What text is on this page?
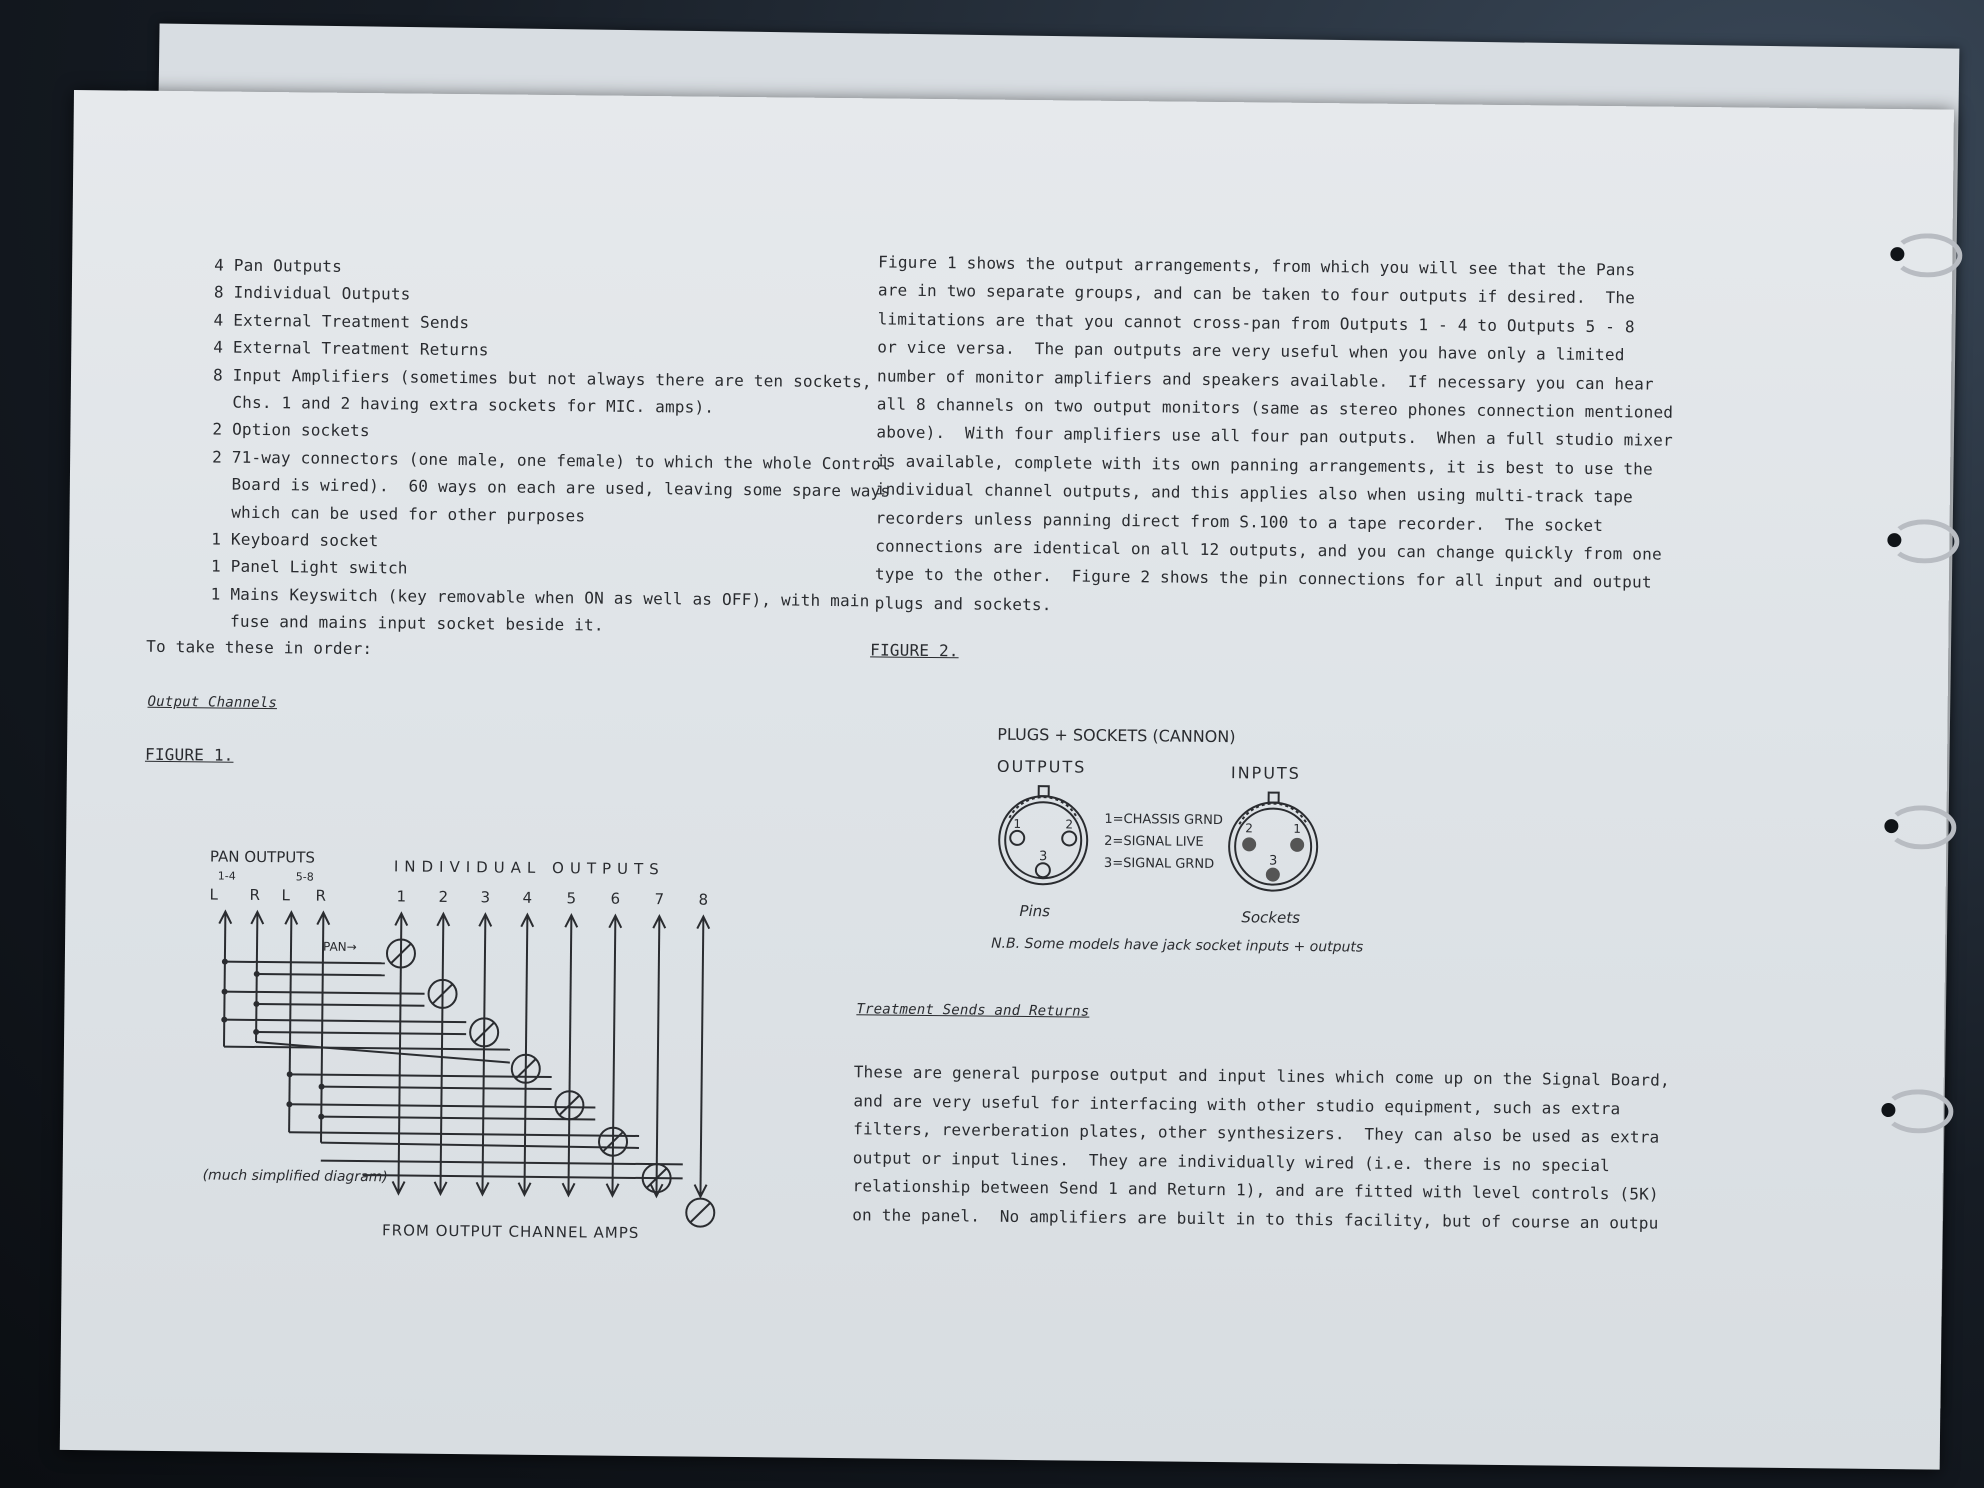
4 Pan Outputs
8 Individual Outputs
4 External Treatment Sends
4 External Treatment Returns
8 Input Amplifiers (sometimes but not always there are ten sockets,
Chs. 1 and 2 having extra sockets for MIC. amps).
2 Option sockets
2 71-way connectors (one male, one female) to which the whole Control
Board is wired).  60 ways on each are used, leaving some spare ways
which can be used for other purposes
1 Keyboard socket
1 Panel Light switch
1 Mains Keyswitch (key removable when ON as well as OFF), with main
fuse and mains input socket beside it.
To take these in order:
Output Channels
FIGURE 1.
PAN OUTPUTS
1-4	5-8
L R L R
INDIVIDUAL OUTPUTS
1 2 3 4 5 6 7 8
PAN→
(much simplified diagram)
FROM OUTPUT CHANNEL AMPS
Figure 1 shows the output arrangements, from which you will see that the Pans
are in two separate groups, and can be taken to four outputs if desired.  The
limitations are that you cannot cross-pan from Outputs 1 - 4 to Outputs 5 - 8
or vice versa.  The pan outputs are very useful when you have only a limited
number of monitor amplifiers and speakers available.  If necessary you can hear
all 8 channels on two output monitors (same as stereo phones connection mentioned
above).  With four amplifiers use all four pan outputs.  When a full studio mixer
is available, complete with its own panning arrangements, it is best to use the
individual channel outputs, and this applies also when using multi-track tape
recorders unless panning direct from S.100 to a tape recorder.  The socket
connections are identical on all 12 outputs, and you can change quickly from one
type to the other.  Figure 2 shows the pin connections for all input and output
plugs and sockets.
FIGURE 2.
PLUGS + SOCKETS (CANNON)
OUTPUTS	INPUTS
1	2
3
2	1
3
1=CHASSIS GRND
2=SIGNAL LIVE
3=SIGNAL GRND
Pins	Sockets
N.B. Some models have jack socket inputs + outputs
Treatment Sends and Returns
These are general purpose output and input lines which come up on the Signal Board,
and are very useful for interfacing with other studio equipment, such as extra
filters, reverberation plates, other synthesizers.  They can also be used as extra
output or input lines.  They are individually wired (i.e. there is no special
relationship between Send 1 and Return 1), and are fitted with level controls (5K)
on the panel.  No amplifiers are built in to this facility, but of course an outpu
